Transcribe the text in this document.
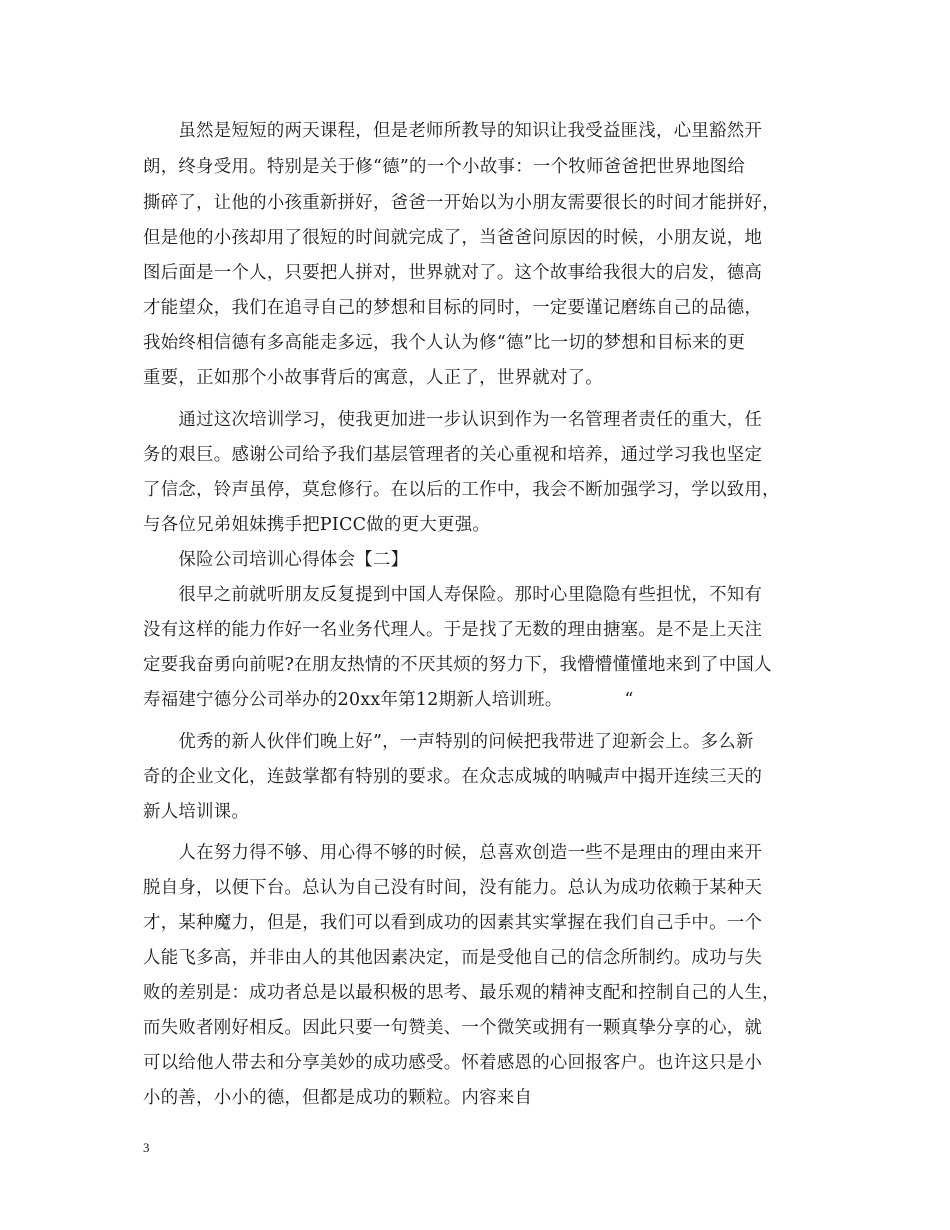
　　虽然是短短的两天课程，但是老师所教导的知识让我受益匪浅，心里豁然开
朗，终身受用。特别是关于修“德”的一个小故事：一个牧师爸爸把世界地图给
撕碎了，让他的小孩重新拼好，爸爸一开始以为小朋友需要很长的时间才能拼好，
但是他的小孩却用了很短的时间就完成了，当爸爸问原因的时候，小朋友说，地
图后面是一个人，只要把人拼对，世界就对了。这个故事给我很大的启发，德高
才能望众，我们在追寻自己的梦想和目标的同时，一定要谨记磨练自己的品德，
我始终相信德有多高能走多远，我个人认为修“德”比一切的梦想和目标来的更
重要，正如那个小故事背后的寓意，人正了，世界就对了。
　　通过这次培训学习，使我更加进一步认识到作为一名管理者责任的重大，任
务的艰巨。感谢公司给予我们基层管理者的关心重视和培养，通过学习我也坚定
了信念，铃声虽停，莫怠修行。在以后的工作中，我会不断加强学习，学以致用，
与各位兄弟姐妹携手把PICC做的更大更强。
　　保险公司培训心得体会【二】
　　很早之前就听朋友反复提到中国人寿保险。那时心里隐隐有些担忧，不知有
没有这样的能力作好一名业务代理人。于是找了无数的理由搪塞。是不是上天注
定要我奋勇向前呢?在朋友热情的不厌其烦的努力下，我懵懵懂懂地来到了中国人
寿福建宁德分公司举办的20xx年第12期新人培训班。　　　　“
　　优秀的新人伙伴们晚上好”，一声特别的问候把我带进了迎新会上。多么新
奇的企业文化，连鼓掌都有特别的要求。在众志成城的呐喊声中揭开连续三天的
新人培训课。
　　人在努力得不够、用心得不够的时候，总喜欢创造一些不是理由的理由来开
脱自身，以便下台。总认为自己没有时间，没有能力。总认为成功依赖于某种天
才，某种魔力，但是，我们可以看到成功的因素其实掌握在我们自己手中。一个
人能飞多高，并非由人的其他因素决定，而是受他自己的信念所制约。成功与失
败的差别是：成功者总是以最积极的思考、最乐观的精神支配和控制自己的人生，
而失败者刚好相反。因此只要一句赞美、一个微笑或拥有一颗真挚分享的心，就
可以给他人带去和分享美妙的成功感受。怀着感恩的心回报客户。也许这只是小
小的善，小小的德，但都是成功的颗粒。内容来自
3
